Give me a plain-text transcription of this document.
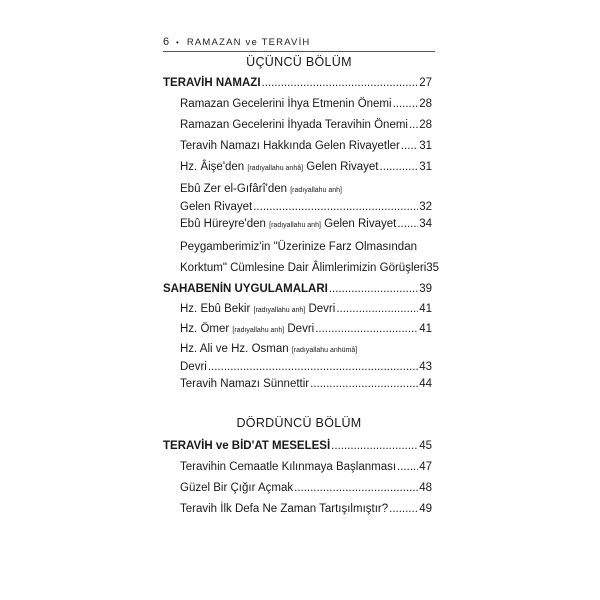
6 • RAMAZAN ve TERAVİH
ÜÇÜNCÜ BÖLÜM
TERAVİH NAMAZI .....	27
Ramazan Gecelerini İhya Etmenin Önemi ..... 28
Ramazan Gecelerini İhyada Teravihin Önemi ..... 28
Teravih Namazı Hakkında Gelen Rivayetler ..... 31
Hz. Âişe'den [radıyallahu anhâ] Gelen Rivayet .....	31
Ebû Zer el-Gıfârî'den [radıyallahu anh]
Gelen Rivayet .....	32
Ebû Hüreyre'den [radıyallahu anh] Gelen Rivayet ..... 34
Peygamberimiz'in "Üzerinize Farz Olmasından
Korktum" Cümlesine Dair Âlimlerimizin Görüşleri 35
SAHABENİN UYGULAMALARI .....	39
Hz. Ebû Bekir [radıyallahu anh] Devri .....	41
Hz. Ömer [radıyallahu anh] Devri .....	41
Hz. Ali ve Hz. Osman [radıyallahu anhümâ]
Devri .....	43
Teravih Namazı Sünnettir .....	44
DÖRDÜNCÜ BÖLÜM
TERAVİH ve BİD'AT MESELESİ .....	45
Teravihin Cemaatle Kılınmaya Başlanması ..... 47
Güzel Bir Çığır Açmak .....	48
Teravih İlk Defa Ne Zaman Tartışılmıştır? .....	49
